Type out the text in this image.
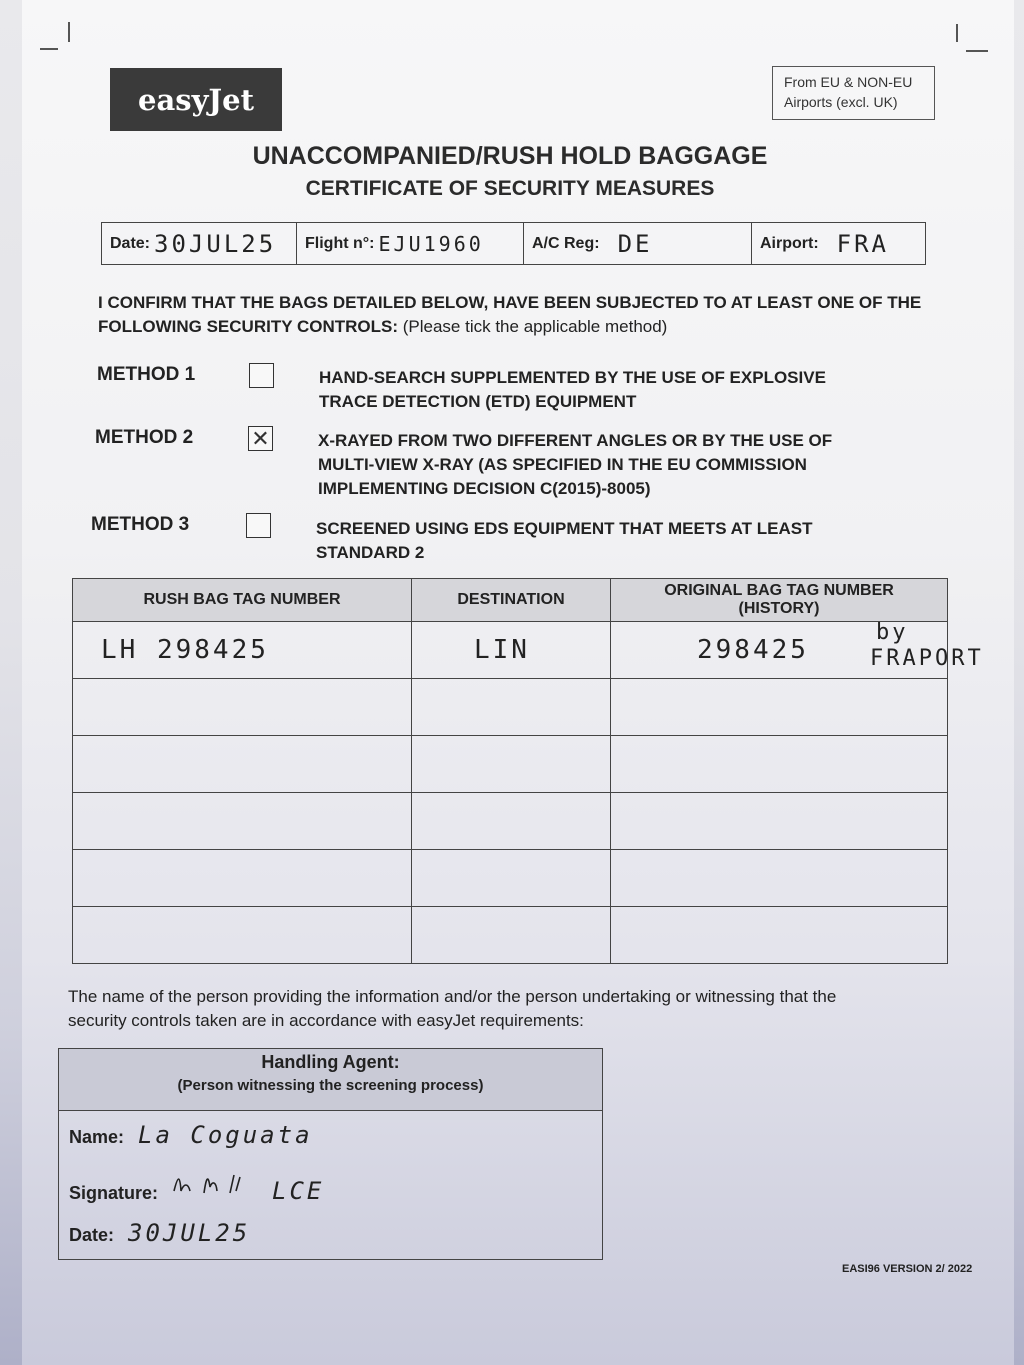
easyJet
From EU & NON-EU
Airports (excl. UK)
UNACCOMPANIED/RUSH HOLD BAGGAGE
CERTIFICATE OF SECURITY MEASURES
Date: 30JUL25 Flight n°: EJU1960	A/C Reg: DE	Airport: FRA
I CONFIRM THAT THE BAGS DETAILED BELOW, HAVE BEEN SUBJECTED TO AT LEAST ONE OF THE FOLLOWING SECURITY CONTROLS: (Please tick the applicable method)
METHOD 1	HAND-SEARCH SUPPLEMENTED BY THE USE OF EXPLOSIVE
TRACE DETECTION (ETD) EQUIPMENT
METHOD 2	✕	X-RAYED FROM TWO DIFFERENT ANGLES OR BY THE USE OF
MULTI-VIEW X-RAY (AS SPECIFIED IN THE EU COMMISSION
IMPLEMENTING DECISION C(2015)-8005)
METHOD 3	SCREENED USING EDS EQUIPMENT THAT MEETS AT LEAST
STANDARD 2
RUSH BAG TAG NUMBER	DESTINATION	ORIGINAL BAG TAG NUMBER
(HISTORY)

LH 298425	LIN	298425

by
FRAPORT
The name of the person providing the information and/or the person undertaking or witnessing that the
security controls taken are in accordance with easyJet requirements:
Handling Agent:
(Person witnessing the screening process)
Name: La Coguata
Signature:	LCE
Date: 30JUL25
EASI96 VERSION 2/ 2022
